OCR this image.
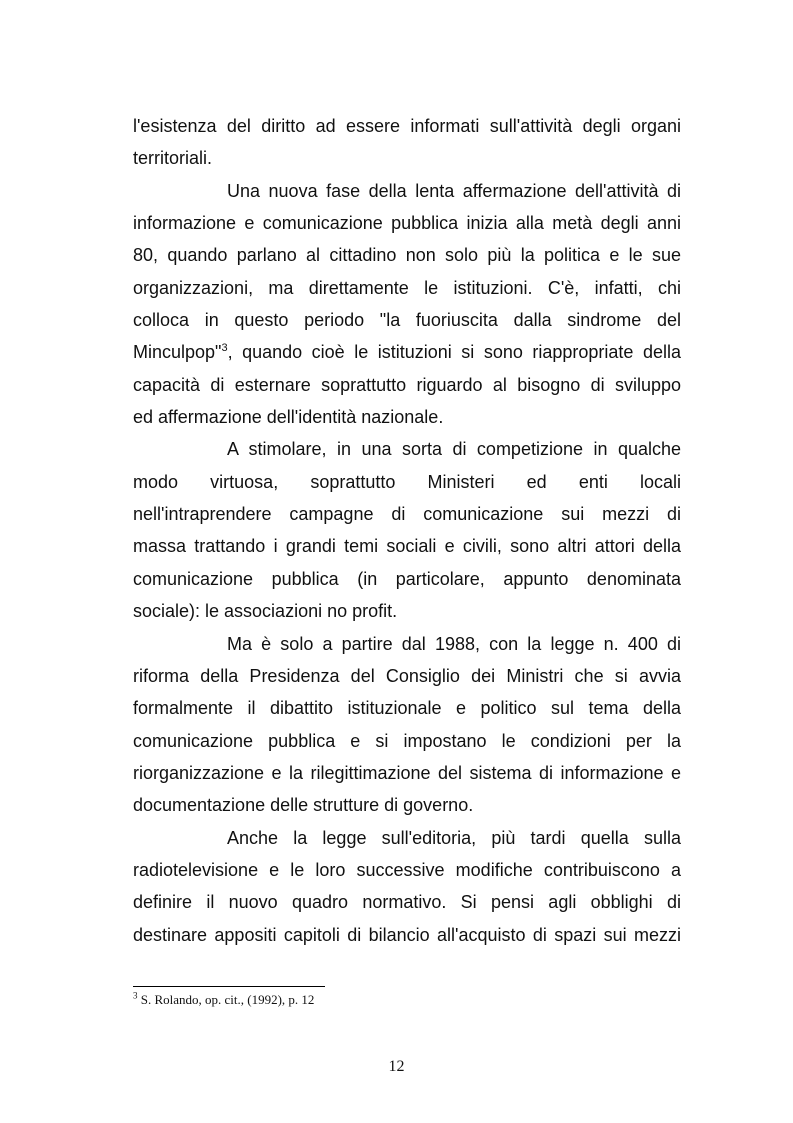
l'esistenza del diritto ad essere informati sull'attività degli organi
territoriali.

Una nuova fase della lenta affermazione dell'attività di
informazione e comunicazione pubblica inizia alla metà degli anni
80, quando parlano al cittadino non solo più la politica e le sue
organizzazioni, ma direttamente le istituzioni. C'è, infatti, chi
colloca in questo periodo "la fuoriuscita dalla sindrome del
Minculpop"$^3$, quando cioè le istituzioni si sono riappropriate della
capacità di esternare soprattutto riguardo al bisogno di sviluppo
ed affermazione dell'identità nazionale.

A stimolare, in una sorta di competizione in qualche
modo virtuosa, soprattutto Ministeri ed enti locali
nell'intraprendere campagne di comunicazione sui mezzi di
massa trattando i grandi temi sociali e civili, sono altri attori della
comunicazione pubblica (in particolare, appunto denominata
sociale): le associazioni no profit.

Ma è solo a partire dal 1988, con la legge n. 400 di
riforma della Presidenza del Consiglio dei Ministri che si avvia
formalmente il dibattito istituzionale e politico sul tema della
comunicazione pubblica e si impostano le condizioni per la
riorganizzazione e la rilegittimazione del sistema di informazione e
documentazione delle strutture di governo.

Anche la legge sull'editoria, più tardi quella sulla
radiotelevisione e le loro successive modifiche contribuiscono a
definire il nuovo quadro normativo. Si pensi agli obblighi di
destinare appositi capitoli di bilancio all'acquisto di spazi sui mezzi

$^3$ S. Rolando, op. cit., (1992), p. 12
12
